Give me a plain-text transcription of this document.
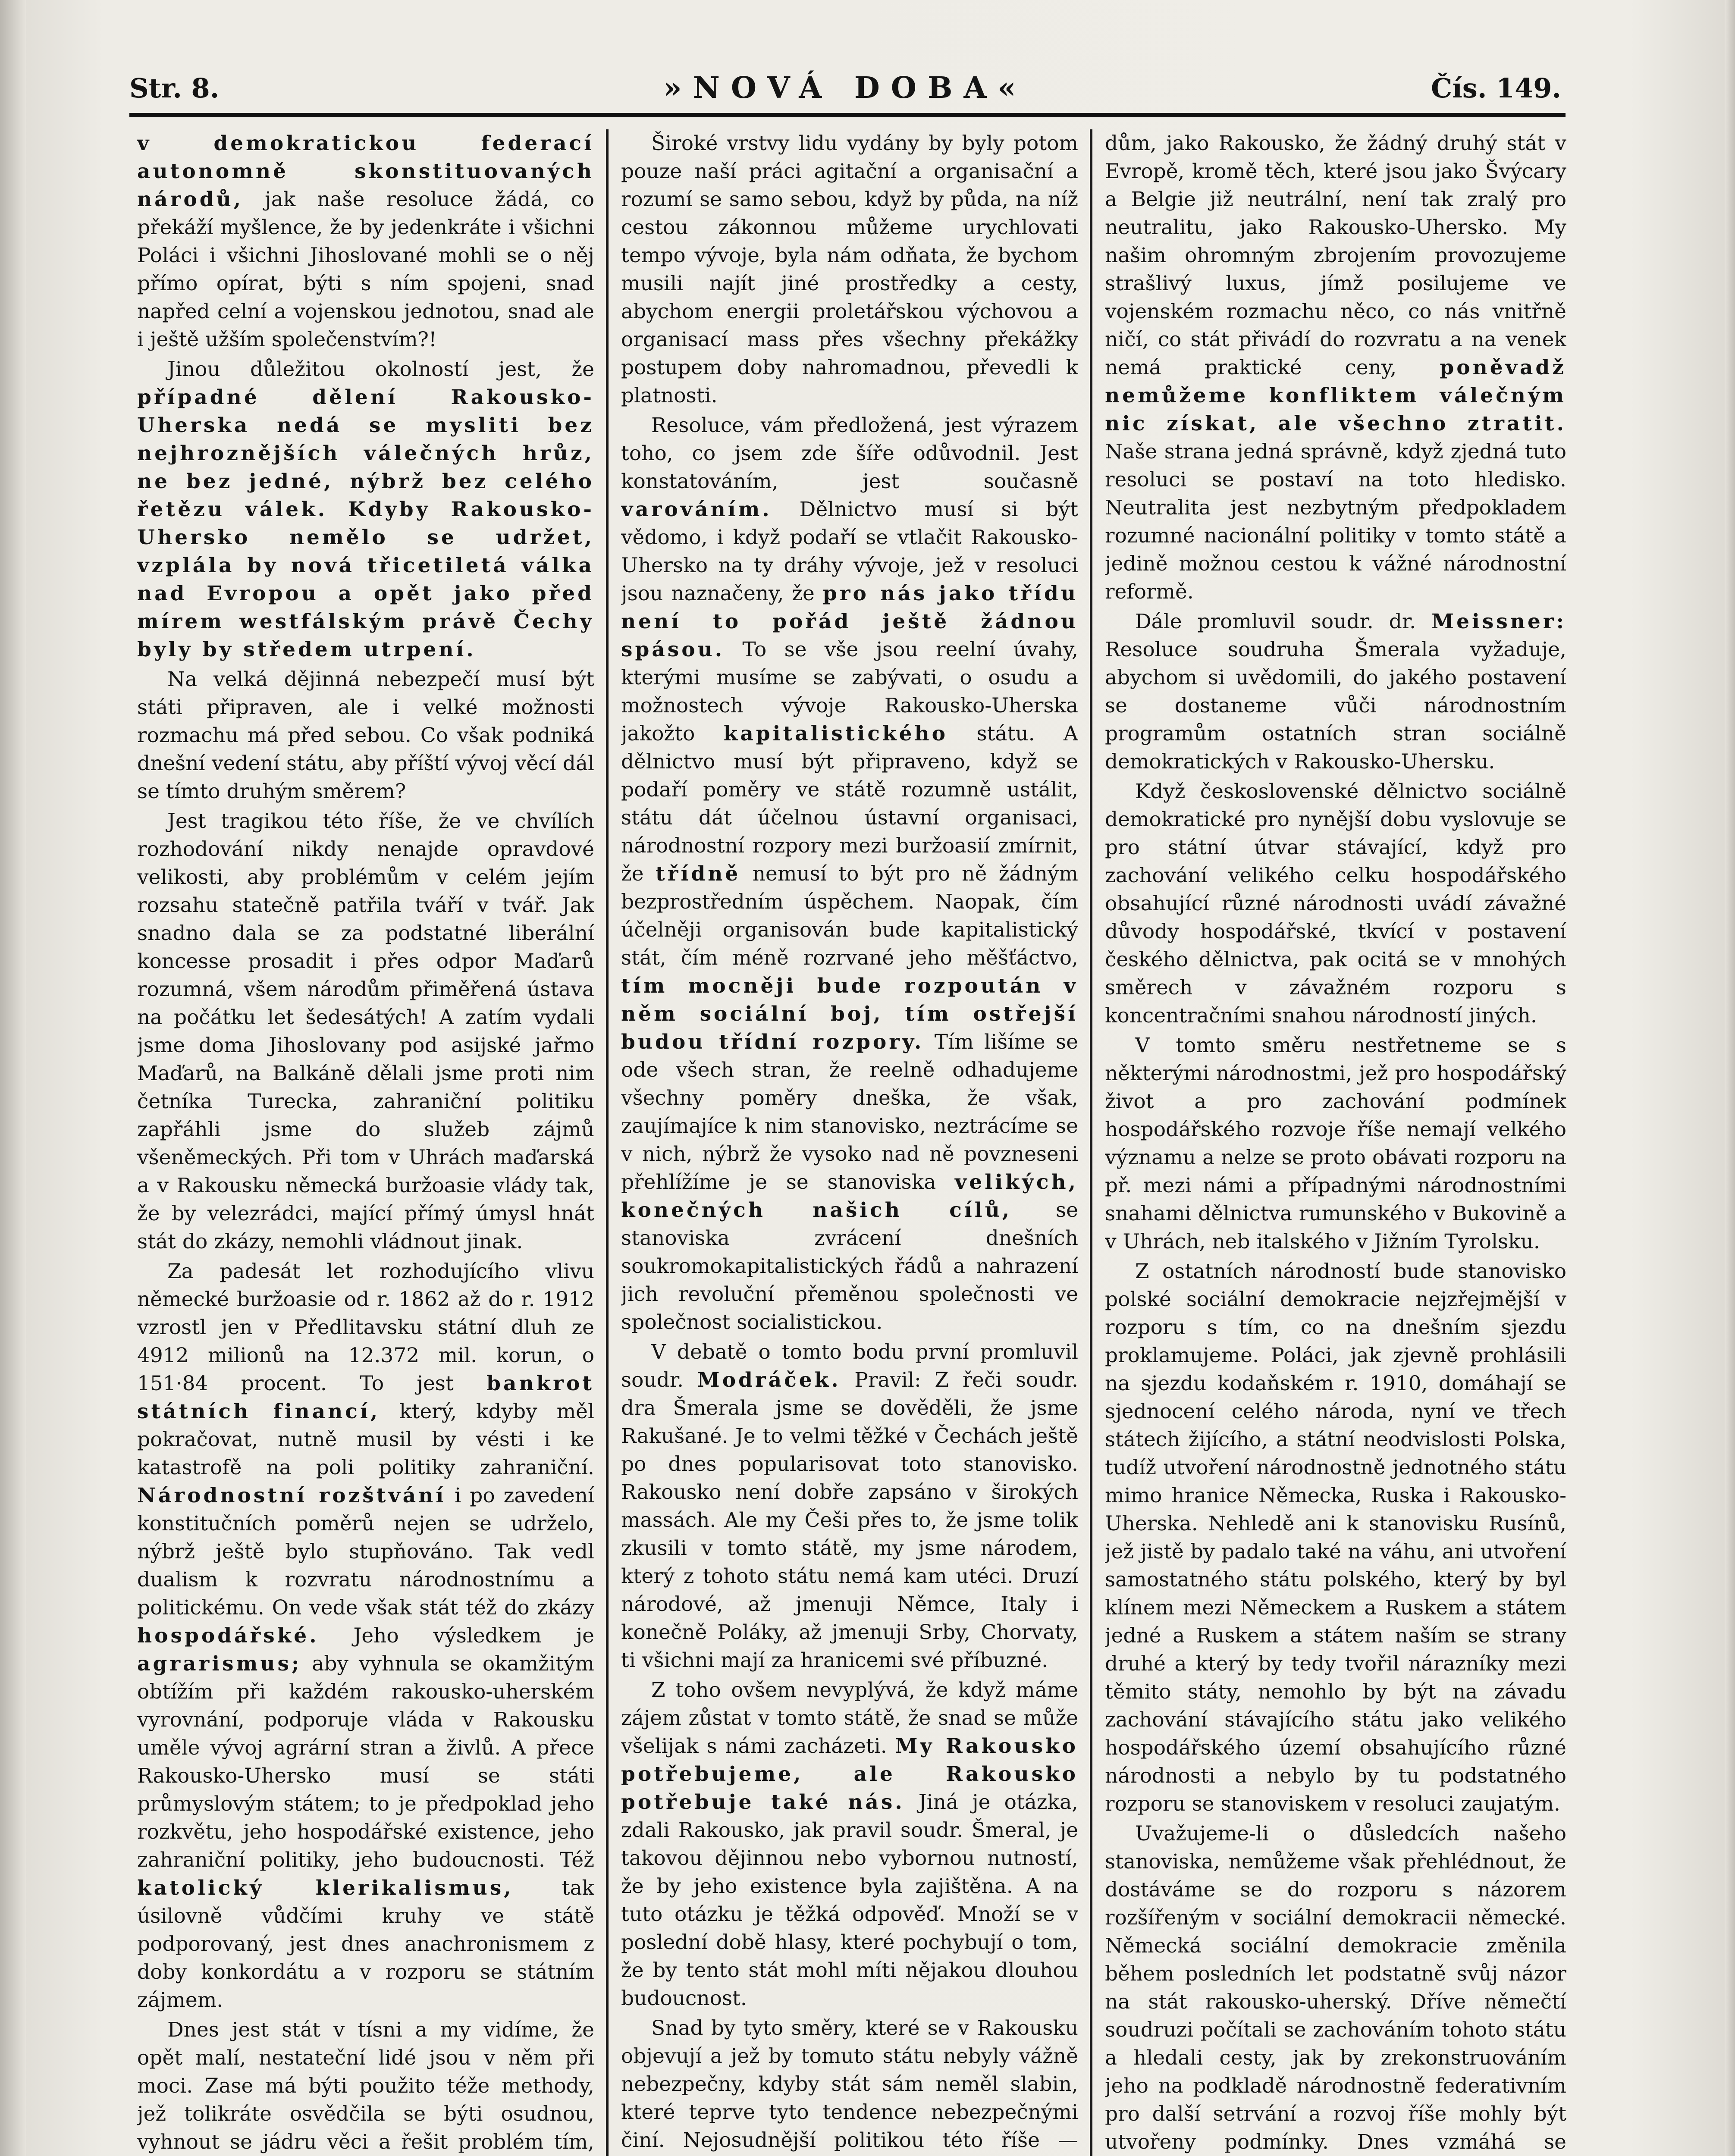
Str. 8.	»NOVÁ DOBA«	Čís. 149.

v demokratickou federací autonomně	skonstituovaných národů, jak naše resoluce žádá, co překáží myšlence, že by jedenkráte i všichni Poláci i všichni Jihoslované mohli se o něj přímo opírat, býti s ním spojeni, snad napřed celní a vojenskou jednotou, snad ale i ještě užším společenstvím?!

Jinou důležitou okolností jest, že případné dělení Rakousko-Uherska nedá se mysliti bez nejhroznějších válečných hrůz, ne bez jedné, nýbrž bez celého řetězu válek. Kdyby Rakousko-Uhersko nemělo se udržet, vzplála by nová třicetiletá válka nad Evropou a opět jako před mírem westfálským právě Čechy byly by středem utrpení.

Na velká dějinná nebezpečí musí být státi připraven, ale i velké možnosti rozmachu má před sebou. Co však podniká dnešní vedení státu, aby příští vývoj věcí dál se tímto druhým směrem?

Jest tragikou této říše, že ve chvílích rozhodování nikdy nenajde opravdové velikosti, aby problémům v celém jejím rozsahu statečně patřila tváří v tvář. Jak snadno dala se za podstatné liberální koncesse prosadit i přes odpor Maďarů rozumná, všem národům přiměřená ústava na počátku let šedesátých! A zatím vydali jsme doma Jihoslovany pod asijské jařmo Maďarů, na Balkáně dělali jsme proti nim četníka Turecka, zahraniční politiku zapřáhli jsme do služeb zájmů všeněmeckých. Při tom v Uhrách maďarská a v Rakousku německá buržoasie vlády tak, že by velezrádci, mající přímý úmysl hnát stát do zkázy, nemohli vládnout jinak.

Za padesát let rozhodujícího vlivu německé buržoasie od r. 1862 až do r. 1912 vzrostl jen v Předlitavsku státní dluh ze 4912 milionů na 12.372 mil. korun, o 151·84 procent. To jest bankrot státních financí, který, kdyby měl pokračovat, nutně musil by vésti i ke katastrofě na poli politiky zahraniční. Národnostní rozštvání i po zavedení konstitučních poměrů nejen se udrželo, nýbrž ještě bylo stupňováno. Tak vedl dualism k rozvratu národnostnímu a politickému. On vede však stát též do zkázy hospodářské. Jeho výsledkem je agrarismus; aby vyhnula se okamžitým obtížím při každém rakousko-uherském vyrovnání, podporuje vláda v Rakousku uměle vývoj agrární stran a živlů. A přece Rakousko-Uhersko musí se státi průmyslovým státem; to je předpoklad jeho rozkvětu, jeho hospodářské existence, jeho zahraniční politiky, jeho budoucnosti. Též katolický klerikalismus, tak úsilovně vůdčími kruhy ve státě podporovaný, jest dnes anachronismem z doby konkordátu a v rozporu se státním zájmem.

Dnes jest stát v tísni a my vidíme, že opět malí, nestateční lidé jsou v něm při moci. Zase má býti použito téže methody, jež tolikráte osvědčila se býti osudnou, vyhnout se jádru věci a řešit problém tím,

Široké vrstvy lidu vydány by byly potom pouze naší práci agitační a organisační a rozumí se samo sebou, když by půda, na níž cestou zákonnou můžeme urychlovati tempo vývoje, byla nám odňata, že bychom musili najít jiné prostředky a cesty, abychom energii proletářskou výchovou a organisací mass přes všechny překážky postupem doby nahromadnou, převedli k platnosti.

Resoluce, vám předložená, jest výrazem toho, co jsem zde šíře odůvodnil. Jest konstatováním, jest současně varováním. Dělnictvo musí si být vědomo, i když podaří se vtlačit Rakousko-Uhersko na ty dráhy vývoje, jež v resoluci jsou naznačeny, že pro nás jako třídu není to pořád ještě žádnou spásou. To se vše jsou reelní úvahy, kterými musíme se zabývati, o osudu a možnostech vývoje Rakousko-Uherska jakožto kapitalistického státu. A dělnictvo musí být připraveno, když se podaří poměry ve státě rozumně ustálit, státu dát účelnou ústavní organisaci, národnostní rozpory mezi buržoasií zmírnit, že třídně nemusí to být pro ně žádným bezprostředním úspěchem. Naopak, čím účelněji organisován bude kapitalistický stát, čím méně rozrvané jeho měšťáctvo, tím mocněji bude rozpoután v něm sociální boj, tím ostřejší budou třídní rozpory. Tím lišíme se ode všech stran, že reelně odhadujeme všechny poměry dneška, že však, zaujímajíce k nim stanovisko, neztrácíme se v nich, nýbrž že vysoko nad ně povzneseni přehlížíme je se stanoviska velikých, konečných našich cílů, se stanoviska zvrácení dnešních soukromokapitalistických řádů a nahrazení jich revoluční přeměnou společnosti ve společnost socialistickou.

V debatě o tomto bodu první promluvil soudr. Modráček. Pravil: Z řeči soudr. dra Šmerala jsme se dověděli, že jsme Rakušané. Je to velmi těžké v Čechách ještě po dnes popularisovat toto stanovisko. Rakousko není dobře zapsáno v širokých massách. Ale my Češi přes to, že jsme tolik zkusili v tomto státě, my jsme národem, který z tohoto státu nemá kam utéci. Druzí národové, až jmenuji Němce, Italy i konečně Poláky, až jmenuji Srby, Chorvaty, ti všichni mají za hranicemi své příbuzné.

Z toho ovšem nevyplývá, že když máme zájem zůstat v tomto státě, že snad se může všelijak s námi zacházeti. My Rakousko potřebujeme, ale Rakousko potřebuje také nás. Jiná je otázka, zdali Rakousko, jak pravil soudr. Šmeral, je takovou dějinnou nebo vybornou nutností, že by jeho existence byla zajištěna. A na tuto otázku je těžká odpověď. Množí se v poslední době hlasy, které pochybují o tom, že by tento stát mohl míti nějakou dlouhou budoucnost.

Snad by tyto směry, které se v Rakousku objevují a jež by tomuto státu nebyly vážně nebezpečny, kdyby stát sám neměl slabin, které teprve tyto tendence nebezpečnými činí. Nejosudnější politikou této říše —

dům, jako Rakousko, že žádný druhý stát v Evropě, kromě těch, které jsou jako Švýcary a Belgie již neutrální, není tak zralý pro neutralitu, jako Rakousko-Uhersko. My našim ohromným zbrojením provozujeme strašlivý luxus, jímž posilujeme ve vojenském rozmachu něco, co nás vnitřně ničí, co stát přivádí do rozvratu a na venek nemá praktické ceny, poněvadž nemůžeme konfliktem válečným nic získat, ale všechno ztratit. Naše strana jedná správně, když zjedná tuto resoluci se postaví na toto hledisko. Neutralita jest nezbytným předpokladem rozumné nacionální politiky v tomto státě a jedině možnou cestou k vážné národnostní reformě.

Dále promluvil soudr. dr. Meissner: Resoluce soudruha Šmerala vyžaduje, abychom si uvědomili, do jakého postavení se dostaneme vůči národnostním programům ostatních stran sociálně demokratických v Rakousko-Uhersku.

Když československé dělnictvo sociálně demokratické pro nynější dobu vyslovuje se pro státní útvar stávající, když pro zachování velikého celku hospodářského obsahující různé národnosti uvádí závažné důvody hospodářské, tkvící v postavení českého dělnictva, pak ocitá se v mnohých směrech v závažném rozporu s koncentračními snahou národností jiných.

V tomto směru nestřetneme se s některými národnostmi, jež pro hospodářský život a pro zachování podmínek hospodářského rozvoje říše nemají velkého významu a nelze se proto obávati rozporu na př. mezi námi a případnými národnostními snahami dělnictva rumunského v Bukovině a v Uhrách, neb italského v Jižním Tyrolsku.

Z ostatních národností bude stanovisko polské sociální demokracie nejzřejmější v rozporu s tím, co na dnešním sjezdu proklamujeme. Poláci, jak zjevně prohlásili na sjezdu kodaňském r. 1910, domáhají se sjednocení celého národa, nyní ve třech státech žijícího, a státní neodvislosti Polska, tudíž utvoření národnostně jednotného státu mimo hranice Německa, Ruska i Rakousko-Uherska. Nehledě ani k stanovisku Rusínů, jež jistě by padalo také na váhu, ani utvoření samostatného státu polského, který by byl klínem mezi Německem a Ruskem a státem jedné a Ruskem a státem naším se strany druhé a který by tedy tvořil nárazníky mezi těmito státy, nemohlo by být na závadu zachování stávajícího státu jako velikého hospodářského území obsahujícího různé národnosti a nebylo by tu podstatného rozporu se stanoviskem v resoluci zaujatým.

Uvažujeme-li o důsledcích našeho stanoviska, nemůžeme však přehlédnout, že dostáváme se do rozporu s názorem rozšířeným v sociální demokracii německé. Německá sociální demokracie změnila během posledních let podstatně svůj názor na stát rakousko-uherský. Dříve němečtí soudruzi počítali se zachováním tohoto státu a hledali cesty, jak by zrekonstruováním jeho na podkladě národnostně federativním pro další setrvání a rozvoj říše mohly být utvořeny podmínky. Dnes vzmáhá se
